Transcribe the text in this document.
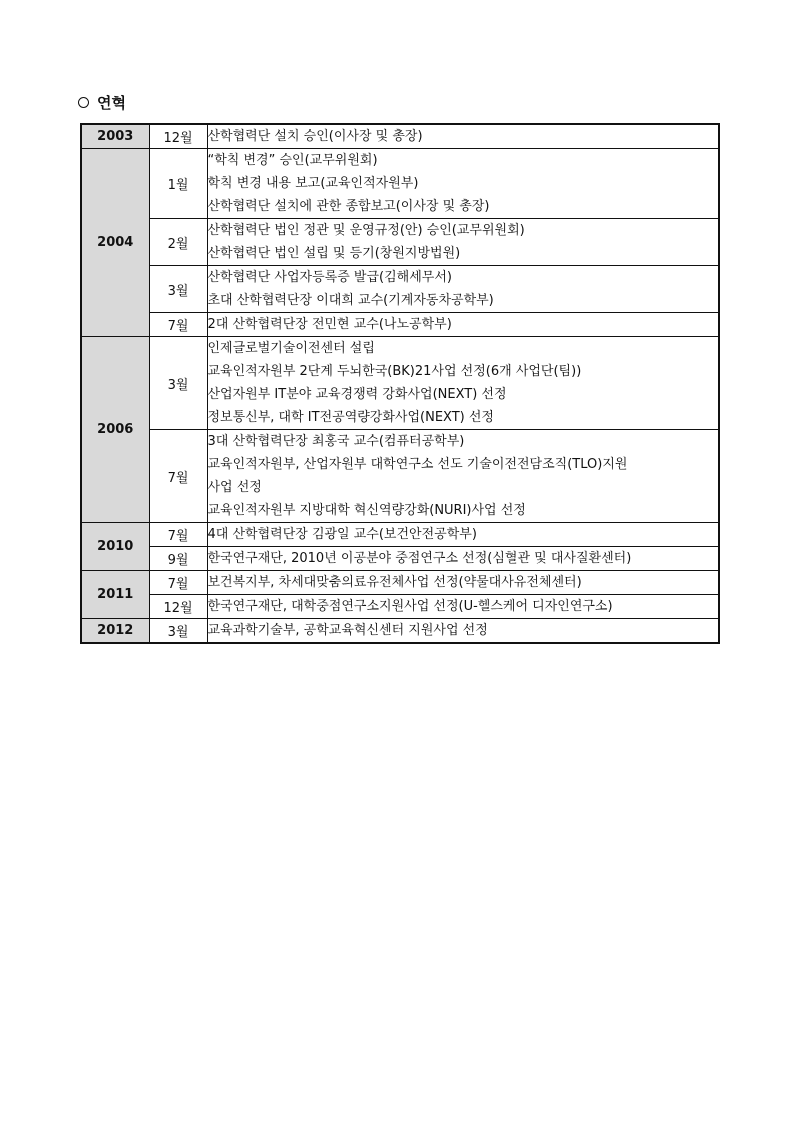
연혁
2003	12월	산학협력단 설치 승인(이사장 및 총장)

2004	1월	“학칙 변경” 승인(교무위원회)
학칙 변경 내용 보고(교육인적자원부)
산학협력단 설치에 관한 종합보고(이사장 및 총장)

	2월	산학협력단 법인 정관 및 운영규정(안) 승인(교무위원회)
산학협력단 법인 설립 및 등기(창원지방법원)

	3월	산학협력단 사업자등록증 발급(김해세무서)
초대 산학협력단장 이대희 교수(기계자동차공학부)

	7월	2대 산학협력단장 전민현 교수(나노공학부)

2006	3월	인제글로벌기술이전센터 설립
교육인적자원부 2단계 두뇌한국(BK)21사업 선정(6개 사업단(팀))
산업자원부 IT분야 교육경쟁력 강화사업(NEXT) 선정
정보통신부, 대학 IT전공역량강화사업(NEXT) 선정

	7월	3대 산학협력단장 최홍국 교수(컴퓨터공학부)
교육인적자원부, 산업자원부 대학연구소 선도 기술이전전담조직(TLO)지원
사업 선정
교육인적자원부 지방대학 혁신역량강화(NURI)사업 선정

2010	7월	4대 산학협력단장 김광일 교수(보건안전공학부)

	9월	한국연구재단, 2010년 이공분야 중점연구소 선정(심혈관 및 대사질환센터)

2011	7월	보건복지부, 차세대맞춤의료유전체사업 선정(약물대사유전체센터)

	12월	한국연구재단, 대학중점연구소지원사업 선정(U-헬스케어 디자인연구소)

2012	3월	교육과학기술부, 공학교육혁신센터 지원사업 선정
